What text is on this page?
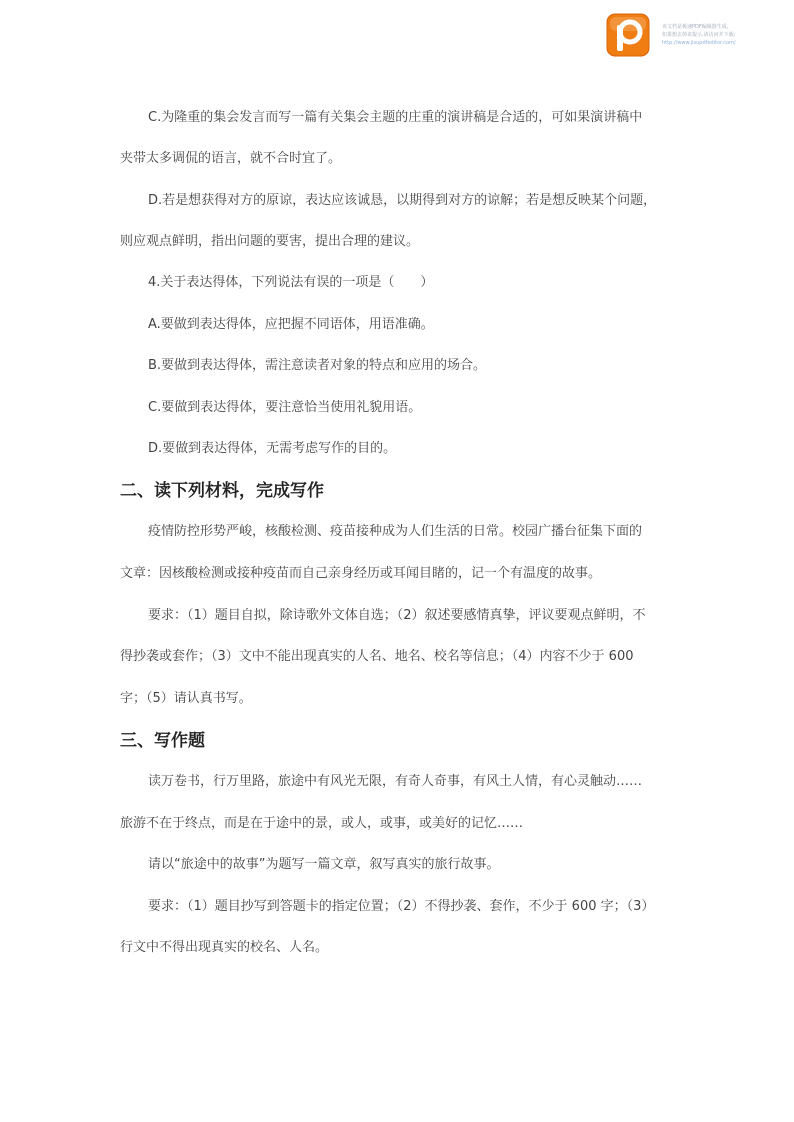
该文档是极速PDF编辑器生成,
如果想去掉该提示,请访问并下载:
http://www.jisupdfeditor.com/

C.为隆重的集会发言而写一篇有关集会主题的庄重的演讲稿是合适的，可如果演讲稿中

夹带太多调侃的语言，就不合时宜了。

D.若是想获得对方的原谅，表达应该诚恳，以期得到对方的谅解；若是想反映某个问题，

则应观点鲜明，指出问题的要害，提出合理的建议。

4.关于表达得体，下列说法有误的一项是（　　）

A.要做到表达得体，应把握不同语体，用语准确。

B.要做到表达得体，需注意读者对象的特点和应用的场合。

C.要做到表达得体，要注意恰当使用礼貌用语。

D.要做到表达得体，无需考虑写作的目的。

二、读下列材料，完成写作

疫情防控形势严峻，核酸检测、疫苗接种成为人们生活的日常。校园广播台征集下面的

文章：因核酸检测或接种疫苗而自己亲身经历或耳闻目睹的，记一个有温度的故事。

要求：（1）题目自拟，除诗歌外文体自选；（2）叙述要感情真挚，评议要观点鲜明，不

得抄袭或套作；（3）文中不能出现真实的人名、地名、校名等信息；（4）内容不少于 600

字；（5）请认真书写。

三、写作题

读万卷书，行万里路，旅途中有风光无限，有奇人奇事，有风土人情，有心灵触动……

旅游不在于终点，而是在于途中的景，或人，或事，或美好的记忆……

请以“旅途中的故事”为题写一篇文章，叙写真实的旅行故事。

要求：（1）题目抄写到答题卡的指定位置；（2）不得抄袭、套作，不少于 600 字；（3）

行文中不得出现真实的校名、人名。
